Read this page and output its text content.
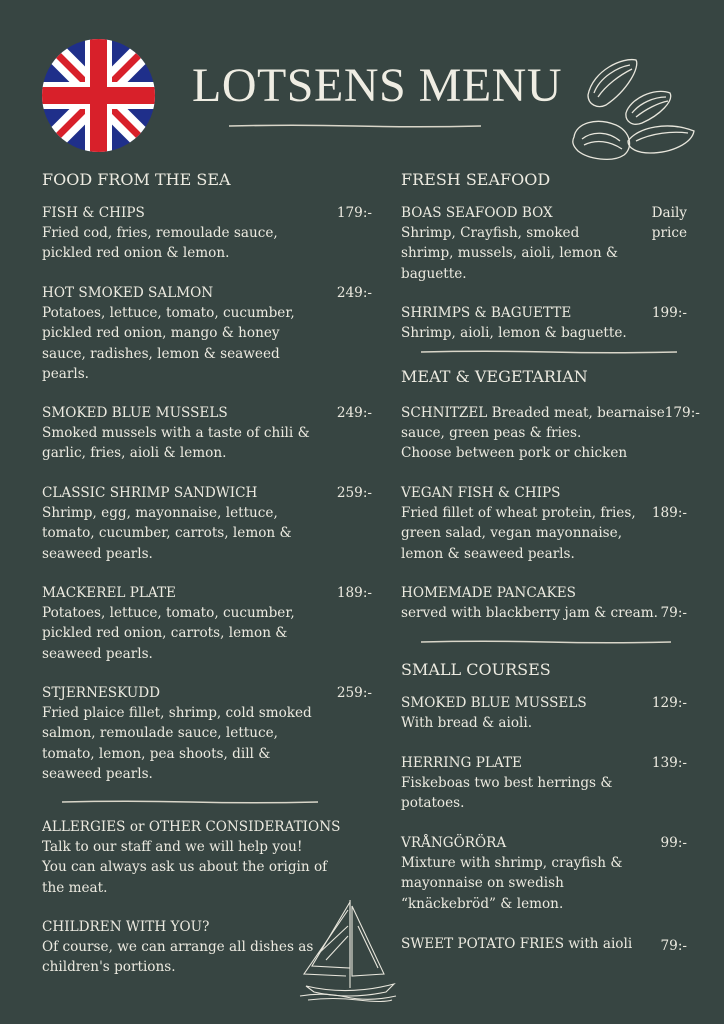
LOTSENS MENU
FOOD FROM THE SEA
FISH & CHIPS	179:-
Fried cod, fries, remoulade sauce,
pickled red onion & lemon.
HOT SMOKED SALMON	249:-
Potatoes, lettuce, tomato, cucumber,
pickled red onion, mango & honey
sauce, radishes, lemon & seaweed
pearls.
SMOKED BLUE MUSSELS	249:-
Smoked mussels with a taste of chili &
garlic, fries, aioli & lemon.
CLASSIC SHRIMP SANDWICH	259:-
Shrimp, egg, mayonnaise, lettuce,
tomato, cucumber, carrots, lemon &
seaweed pearls.
MACKEREL PLATE	189:-
Potatoes, lettuce, tomato, cucumber,
pickled red onion, carrots, lemon &
seaweed pearls.
STJERNESKUDD	259:-
Fried plaice fillet, shrimp, cold smoked
salmon, remoulade sauce, lettuce,
tomato, lemon, pea shoots, dill &
seaweed pearls.
ALLERGIES or OTHER CONSIDERATIONS
Talk to our staff and we will help you!
You can always ask us about the origin of
the meat.
CHILDREN WITH YOU?
Of course, we can arrange all dishes as
children's portions.
FRESH SEAFOOD
BOAS SEAFOOD BOX	Daily
Shrimp, Crayfish, smoked	price
shrimp, mussels, aioli, lemon &
baguette.
SHRIMPS & BAGUETTE	199:-
Shrimp, aioli, lemon & baguette.
MEAT & VEGETARIAN
SCHNITZEL Breaded meat, bearnaise 179:-
sauce, green peas & fries.
Choose between pork or chicken
VEGAN FISH & CHIPS
Fried fillet of wheat protein, fries, 189:-
green salad, vegan mayonnaise,
lemon & seaweed pearls.
HOMEMADE PANCAKES
served with blackberry jam & cream. 79:-
SMALL COURSES
SMOKED BLUE MUSSELS	129:-
With bread & aioli.
HERRING PLATE	139:-
Fiskeboas two best herrings &
potatoes.
VRÅNGÖRÖRA	99:-
Mixture with shrimp, crayfish &
mayonnaise on swedish
“knäckebröd” & lemon.
SWEET POTATO FRIES with aioli 79:-
